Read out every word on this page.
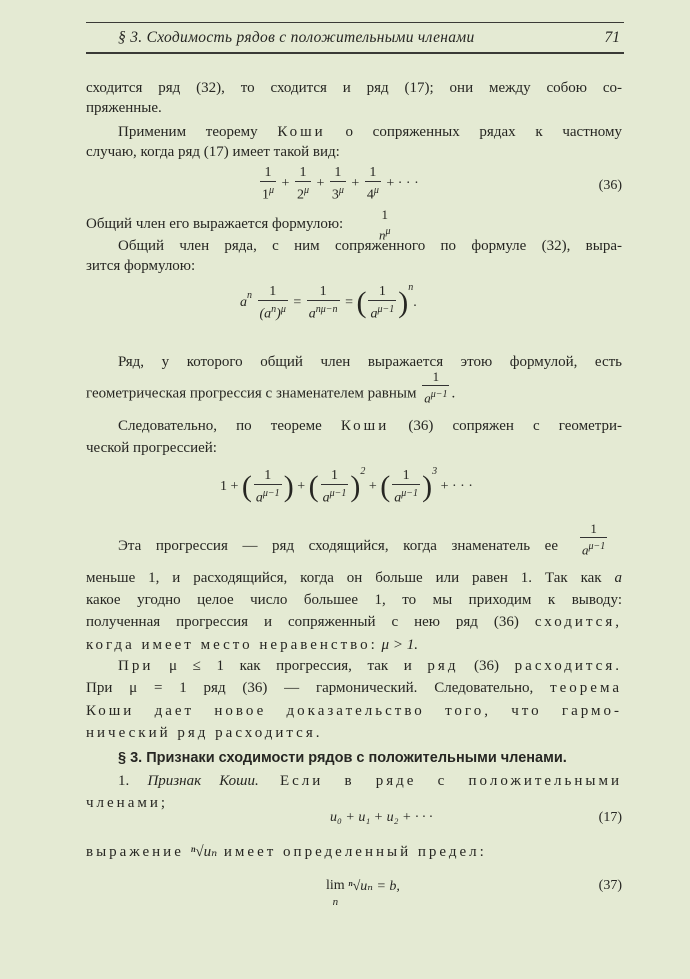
§ 3. Сходимость рядов с положительными членами	71
сходится ряд (32), то сходится и ряд (17); они между собою со-
пряженные.
Применим теорему Коши о сопряженных рядах к частному
случаю, когда ряд (17) имеет такой вид:
$\frac{1}{1^\mu} + \frac{1}{2^\mu} + \frac{1}{3^\mu} + \frac{1}{4^\mu}$ + · · ·	(36)
Общий член его выражается формулою:
1
$n^\mu$
Общий член ряда, с ним сопряженного по формуле (32), выра-
зится формулою:
$a^n \frac{1}{(a^n)^\mu}$ =
1
$a^{n\mu-n}$ = ( $\frac{1}{a^{\mu-1}} )^n$.
Ряд, у которого общий член выражается этою формулой, есть
геометрическая прогрессия с знаменателем равным $\frac{1}{a^{\mu-1}}$ .
Следовательно, по теореме Коши (36) сопряжен с геометри-
ческой прогрессией:
1 + ( $\frac{1}{a^{\mu-1}}$ ) + ( $\frac{1}{a^{\mu-1}} )^2$ + ( $\frac{1}{a^{\mu-1}} )^3$ + · · ·
Эта прогрессия — ряд сходящийся, когда знаменатель ее $\frac{1}{a^{\mu-1}}$
меньше 1, и расходящийся, когда он больше или равен 1. Так как a
какое угодно целое число большее 1, то мы приходим к выводу:
полученная прогрессия и сопряженный с нею ряд (36) сходится,
когда имеет место неравенство: μ > 1.
При μ ≤ 1 как прогрессия, так и ряд (36) расходится.
При μ = 1 ряд (36) — гармонический. Следовательно, теорема
Коши дает новое доказательство того, что гармо-
нический ряд расходится.
§ 3. Признаки сходимости рядов с положительными членами.
1. Признак Коши. Если в ряде с положительными
членами;
u₀ + u₁ + u₂ + · · ·	(17)
выражение ⁿ√uₙ имеет определенный предел:
lim
n ⁿ√uₙ = b,	(37)
